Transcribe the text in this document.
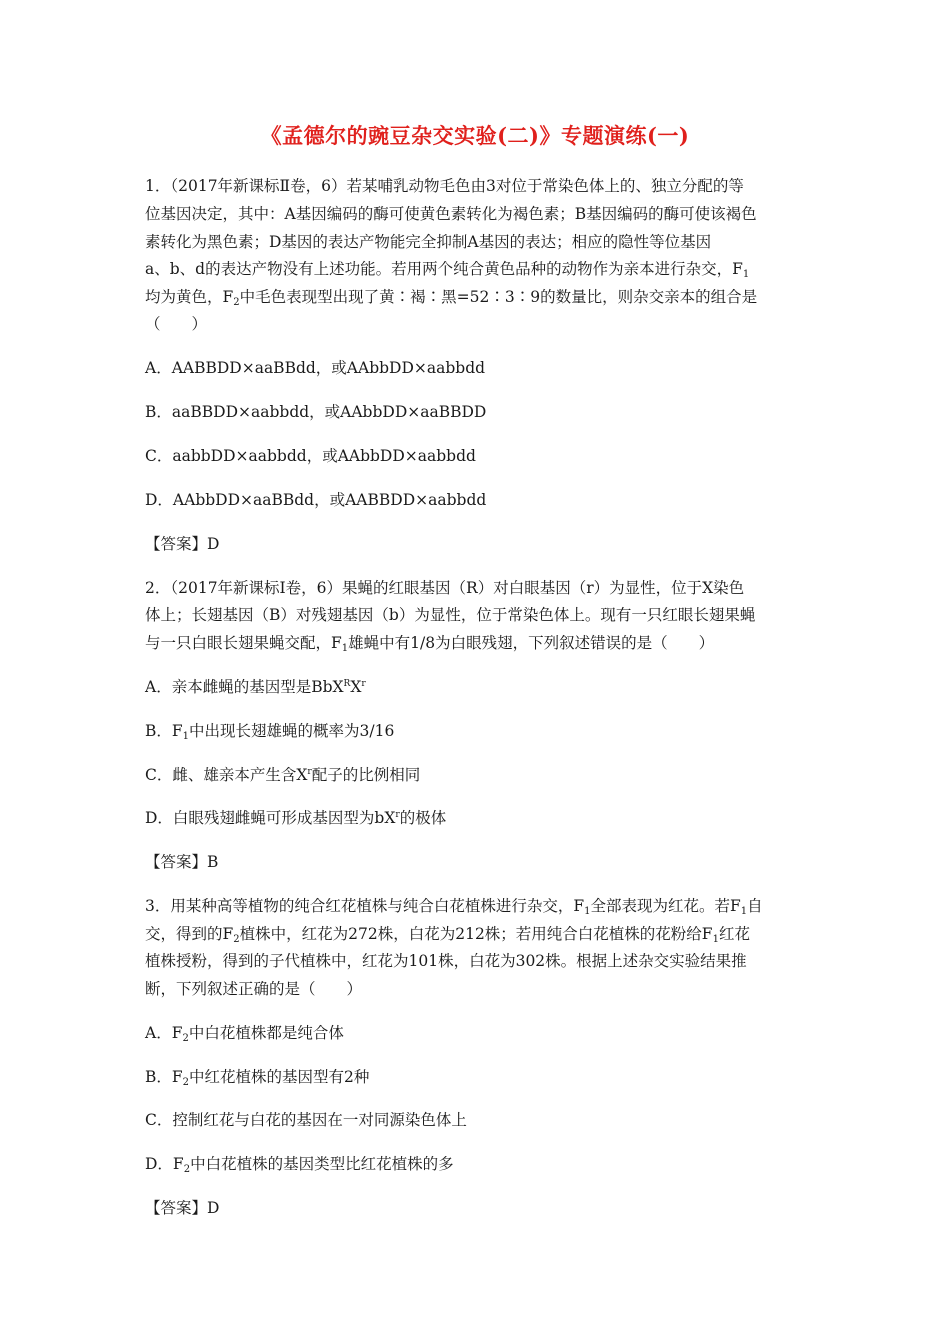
《孟德尔的豌豆杂交实验(二)》专题演练(一)
1．（2017年新课标Ⅱ卷，6）若某哺乳动物毛色由3对位于常染色体上的、独立分配的等
位基因决定，其中：A基因编码的酶可使黄色素转化为褐色素；B基因编码的酶可使该褐色
素转化为黑色素；D基因的表达产物能完全抑制A基因的表达；相应的隐性等位基因
a、b、d的表达产物没有上述功能。若用两个纯合黄色品种的动物作为亲本进行杂交，$F_1$
均为黄色，$F_2$中毛色表现型出现了黄∶褐∶黑=52∶3∶9的数量比，则杂交亲本的组合是
（　　）
A．AABBDD×aaBBdd，或AAbbDD×aabbdd
B．aaBBDD×aabbdd，或AAbbDD×aaBBDD
C．aabbDD×aabbdd，或AAbbDD×aabbdd
D．AAbbDD×aaBBdd，或AABBDD×aabbdd
【答案】D
2．（2017年新课标Ⅰ卷，6）果蝇的红眼基因（R）对白眼基因（r）为显性，位于X染色
体上；长翅基因（B）对残翅基因（b）为显性，位于常染色体上。现有一只红眼长翅果蝇
与一只白眼长翅果蝇交配，$F_1$雄蝇中有1/8为白眼残翅，下列叙述错误的是（　　）
A．亲本雌蝇的基因型是$BbX^RX^r$
B．$F_1$中出现长翅雄蝇的概率为3/16
C．雌、雄亲本产生含$X^r$配子的比例相同
D．白眼残翅雌蝇可形成基因型为$bX^r$的极体
【答案】B
3．用某种高等植物的纯合红花植株与纯合白花植株进行杂交，$F_1$全部表现为红花。若$F_1$自
交，得到的$F_2$植株中，红花为272株，白花为212株；若用纯合白花植株的花粉给$F_1$红花
植株授粉，得到的子代植株中，红花为101株，白花为302株。根据上述杂交实验结果推
断，下列叙述正确的是（　　）
A．$F_2$中白花植株都是纯合体
B．$F_2$中红花植株的基因型有2种
C．控制红花与白花的基因在一对同源染色体上
D．$F_2$中白花植株的基因类型比红花植株的多
【答案】D
